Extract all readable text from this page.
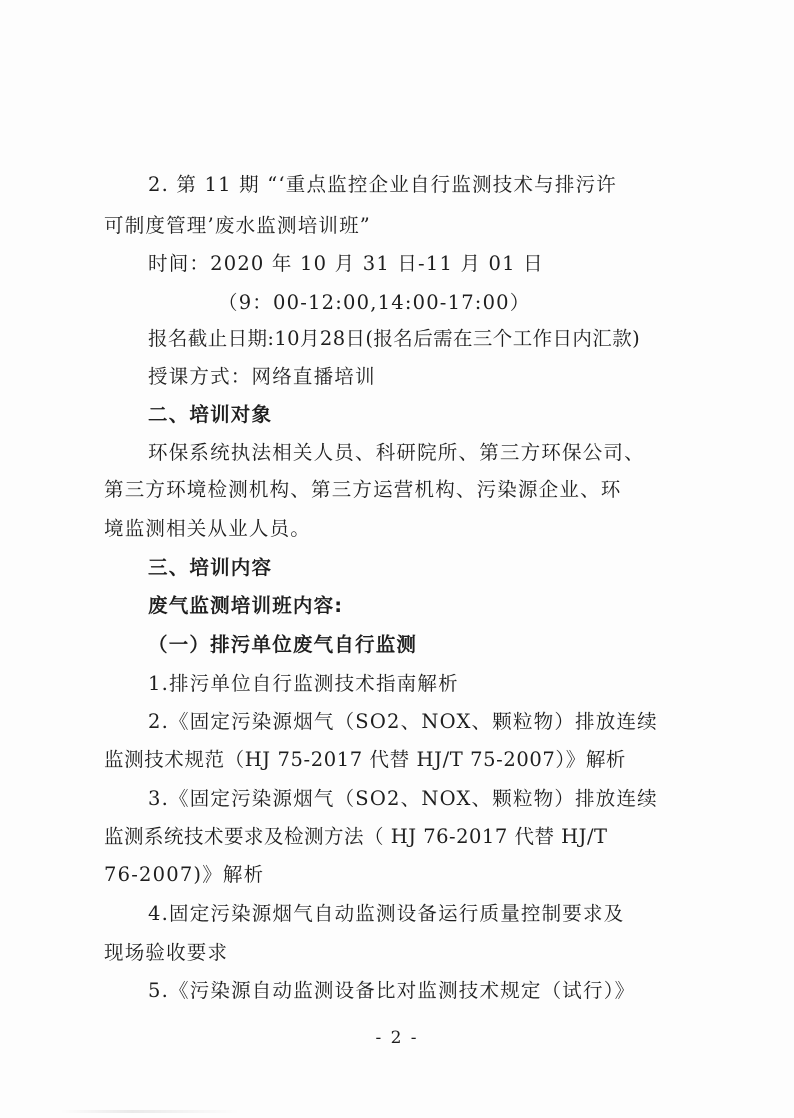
2. 第 11 期 “‘重点监控企业自行监测技术与排污许
可制度管理’废水监测培训班”
时间：2020 年 10 月 31 日-11 月 01 日
（9：00-12:00,14:00-17:00）
报名截止日期:10月28日(报名后需在三个工作日内汇款)
授课方式：网络直播培训
二、培训对象
环保系统执法相关人员、科研院所、第三方环保公司、
第三方环境检测机构、第三方运营机构、污染源企业、环
境监测相关从业人员。
三、培训内容
废气监测培训班内容:
（一）排污单位废气自行监测
1.排污单位自行监测技术指南解析
2.《固定污染源烟气（SO2、NOX、颗粒物）排放连续
监测技术规范（HJ 75-2017 代替 HJ/T 75-2007）》解析
3.《固定污染源烟气（SO2、NOX、颗粒物）排放连续
监测系统技术要求及检测方法（ HJ 76-2017 代替 HJ/T
76-2007)》解析
4.固定污染源烟气自动监测设备运行质量控制要求及
现场验收要求
5.《污染源自动监测设备比对监测技术规定（试行）》
- 2 -
